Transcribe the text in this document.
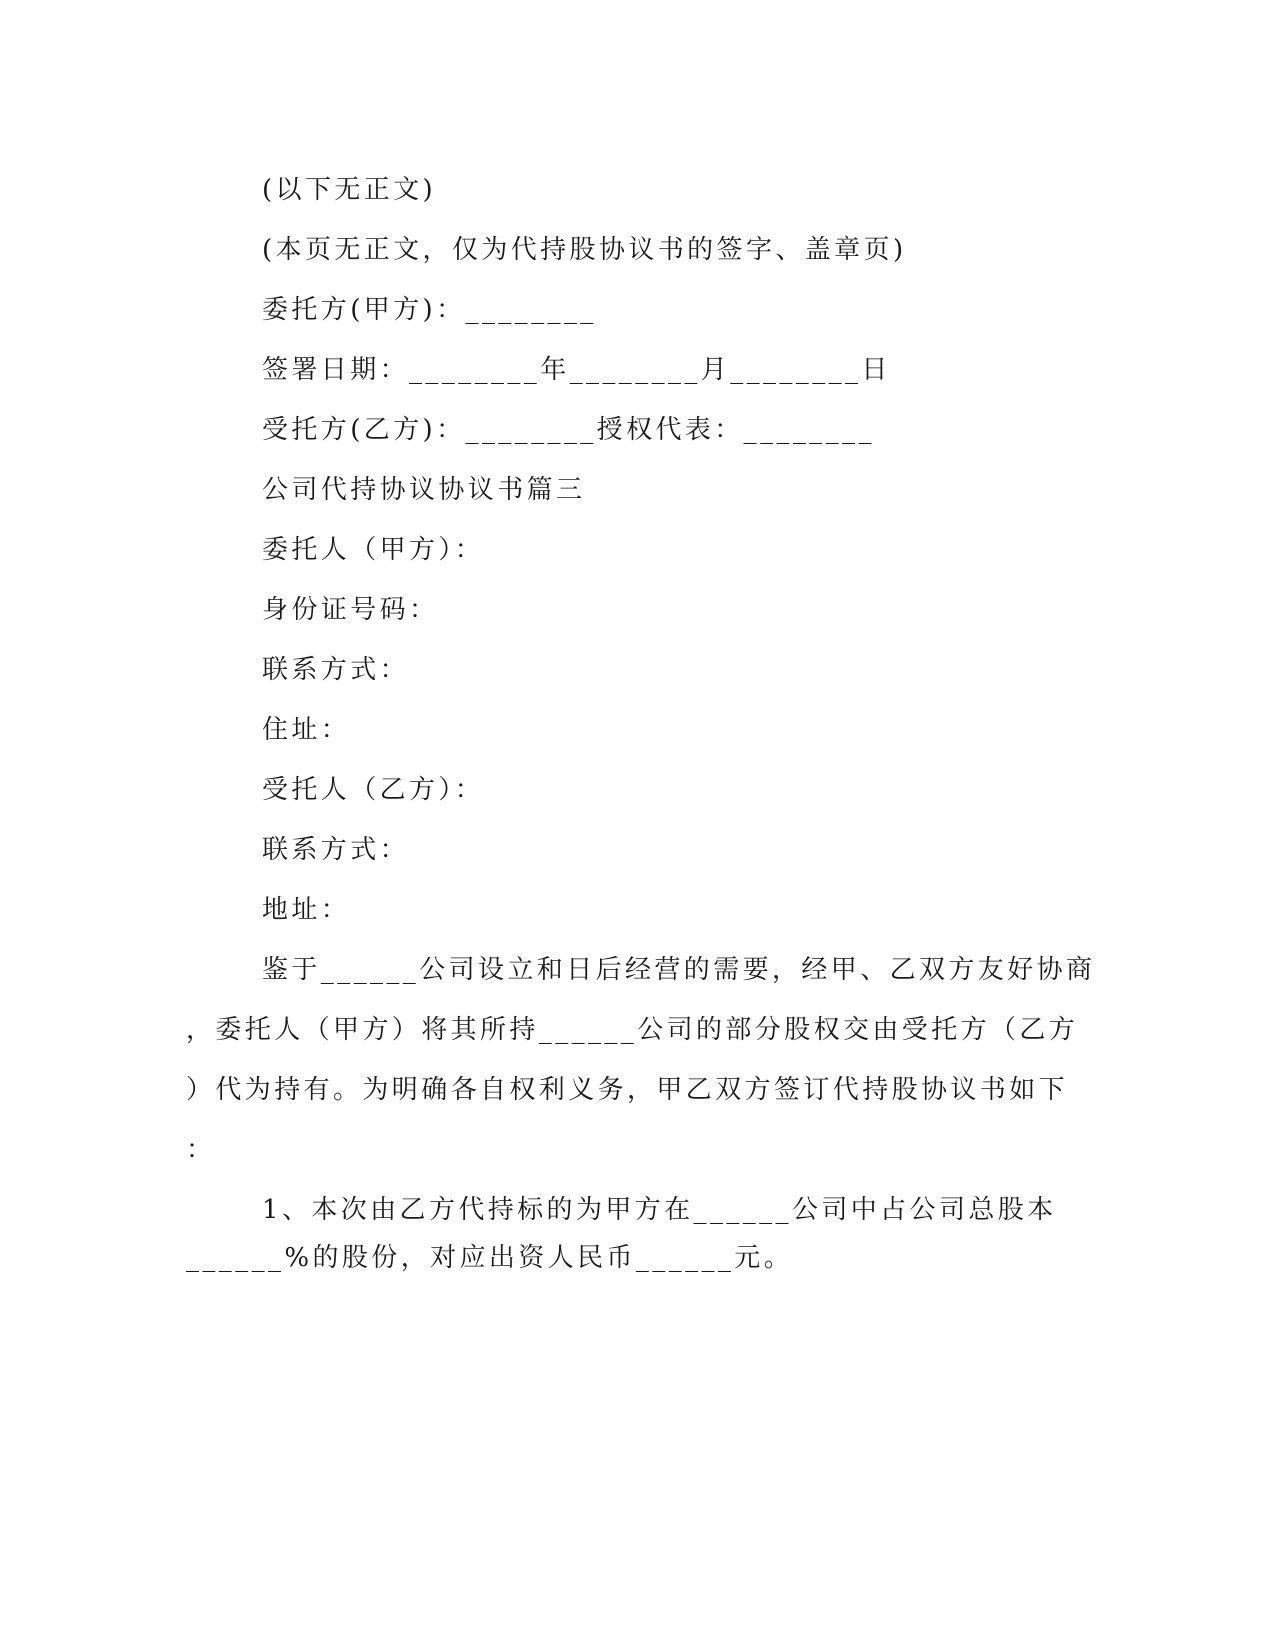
(以下无正文)
(本页无正文，仅为代持股协议书的签字、盖章页)
委托方(甲方)：________
签署日期：________年________月________日
受托方(乙方)：________授权代表：________
公司代持协议协议书篇三
委托人（甲方）：
身份证号码：
联系方式：
住址：
受托人（乙方）：
联系方式：
地址：
鉴于______公司设立和日后经营的需要，经甲、乙双方友好协商
，委托人（甲方）将其所持______公司的部分股权交由受托方（乙方
）代为持有。为明确各自权利义务，甲乙双方签订代持股协议书如下
：
1、本次由乙方代持标的为甲方在______公司中占公司总股本
______%的股份，对应出资人民币______元。
